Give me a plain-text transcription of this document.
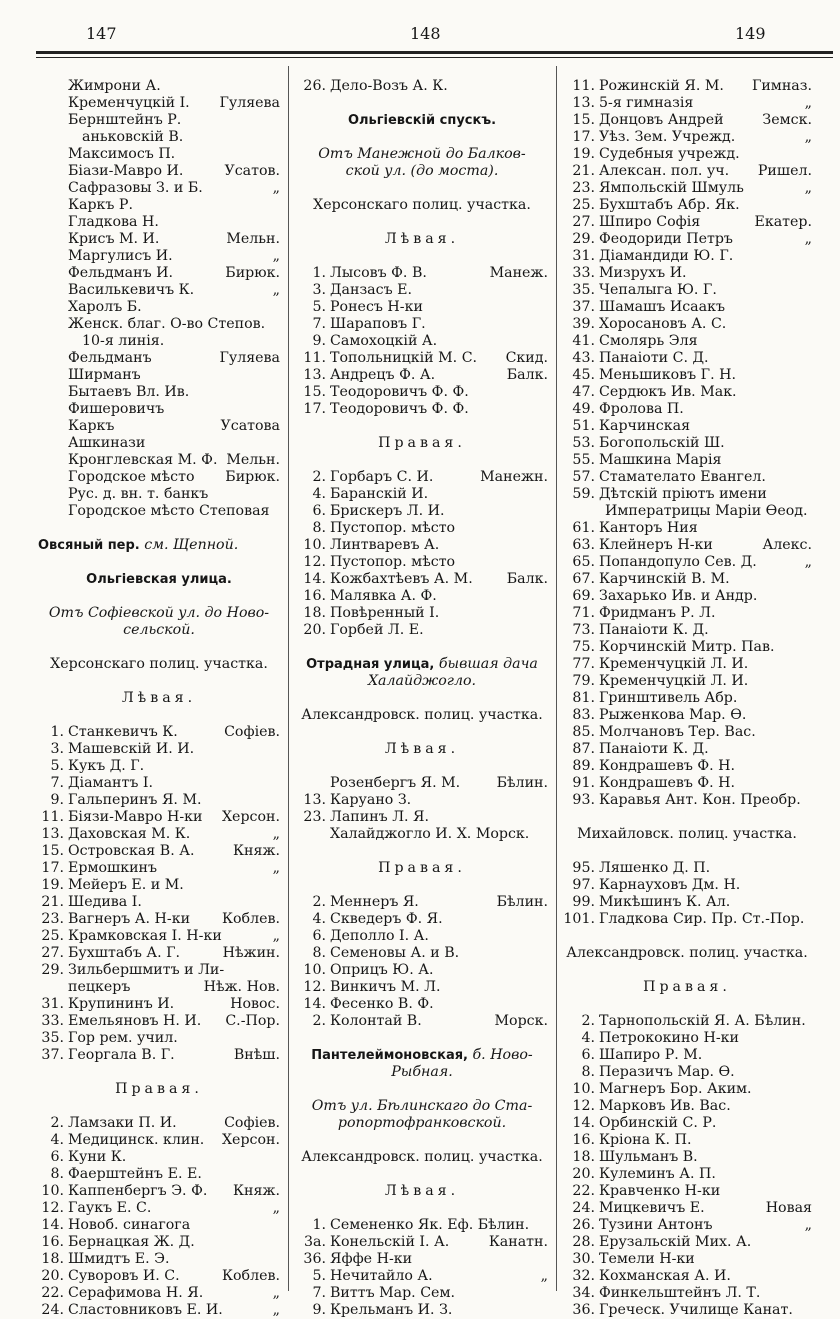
147	148	149
Жимрони А.
Кременчуцкій І. Гуляева
Бернштейнъ Р.
аньковскій В.
Максимосъ П.
Біази-Мавро И.	Усатов.
Сафразовы З. и Б.	„
Каркъ Р.
Гладкова Н.
Крисъ М. И.	Мельн.
Маргулисъ И.	„
Фельдманъ И.	Бирюк.
Василькевичъ К.	„
Харолъ Б.
Женск. благ. О-во Степов.
10-я линія.
Фельдманъ	Гуляева
Ширманъ
Бытаевъ Вл. Ив.
Фишеровичъ
Каркъ	Усатова
Ашкинази
Кронглевская М. Ф. Мельн.
Городское мѣсто Бирюк.
Рус. д. вн. т. банкъ
Городское мѣсто Степовая
Овсяный пер. см. Щепной.
Ольгіевская улица.
Отъ Софіевской ул. до Ново-
сельской.
Херсонскаго полиц. участка.
Лѣвая.
1. Станкевичъ К.	Софіев.
3. Машевскій И. И.
5. Кукъ Д. Г.
7. Діамантъ І.
9. Гальперинъ Я. М.
11. Біязи-Мавро Н-ки Херсон.
13. Даховская М. К.	„
15. Островская В. А.	Княж.
17. Ермошкинъ	„
19. Мейеръ Е. и М.
21. Шедива І.
23. Вагнеръ А. Н-ки Коблев.
25. Крамковская І. Н-ки	„
27. Бухштабъ А. Г.	Нѣжин.
29. Зильбершмитъ и Ли-
пецкеръ	Нѣж. Нов.
31. Крупининъ И.	Новос.
33. Емельяновъ Н. И. С.-Пор.
35. Гор рем. учил.
37. Георгала В. Г.	Внѣш.
Правая.
2. Ламзаки П. И.	Софіев.
4. Медицинск. клин. Херсон.
6. Куни К.
8. Фаерштейнъ Е. Е.
10. Каппенбергъ Э. Ф. Княж.
12. Гаукъ Е. С.	„
14. Новоб. синагога
16. Бернацкая Ж. Д.
18. Шмидтъ Е. Э.
20. Суворовъ И. С.	Коблев.
22. Серафимова Н. Я.	„
24. Сластовниковъ Е. И.	„
26. Дело-Возъ А. К.
Ольгіевскій спускъ.
Отъ Манежной до Балков-
ской ул. (до моста).
Херсонскаго полиц. участка.
Лѣвая.
1. Лысовъ Ф. В.	Манеж.
3. Данзасъ Е.
5. Ронесъ Н-ки
7. Шараповъ Г.
9. Самохоцкій А.
11. Топольницкій М. С. Скид.
13. Андрецъ Ф. А.	Балк.
15. Теодоровичъ Ф. Ф.
17. Теодоровичъ Ф. Ф.
Правая.
2. Горбаръ С. И.	Манежн.
4. Баранскій И.
6. Брискеръ Л. И.
8. Пустопор. мѣсто
10. Линтваревъ А.
12. Пустопор. мѣсто
14. Кожбахтѣевъ А. М. Балк.
16. Малявка А. Ф.
18. Повѣренный І.
20. Горбей Л. Е.
Отрадная улица, бывшая дача
Халайджогло.
Александровск. полиц. участка.
Лѣвая.
Розенбергъ Я. М.	Бѣлин.
13. Каруано З.
23. Лапинъ Л. Я.
Халайджогло И. Х. Морск.
Правая.
2. Меннеръ Я.	Бѣлин.
4. Скведеръ Ф. Я.
6. Деполло І. А.
8. Семеновы А. и В.
10. Оприцъ Ю. А.
12. Винкичъ М. Л.
14. Фесенко В. Ф.
2. Колонтай В.	Морск.
Пантелеймоновская, б. Ново-
Рыбная.
Отъ ул. Бѣлинскаго до Ста-
ропортофранковской.
Александровск. полиц. участка.
Лѣвая.
1. Семененко Як. Еф. Бѣлин.
3а. Конельскій І. А.	Канатн.
36. Яффе Н-ки
5. Нечитайло А.	„
7. Виттъ Мар. Сем.
9. Крельманъ И. З.
11. Рожинскій Я. М. Гимназ.
13. 5-я гимназія	„
15. Донцовъ Андрей	Земск.
17. Уѣз. Зем. Учрежд.	„
19. Судебныя учрежд.
21. Алексан. пол. уч. Ришел.
23. Ямпольскій Шмуль	„
25. Бухштабъ Абр. Як.
27. Шпиро Софія	Екатер.
29. Феодориди Петръ	„
31. Діамандиди Ю. Г.
33. Мизрухъ И.
35. Чепалыга Ю. Г.
37. Шамашъ Исаакъ
39. Хоросановъ А. С.
41. Смолярь Эля
43. Панаіоти С. Д.
45. Меньшиковъ Г. Н.
47. Сердюкъ Ив. Мак.
49. Фролова П.
51. Карчинская
53. Богопольскій Ш.
55. Машкина Марія
57. Стамателато Евангел.
59. Дѣтскій пріютъ имени
Императрицы Маріи Ѳеод.
61. Канторъ Ния
63. Клейнеръ Н-ки	Алекс.
65. Попандопуло Сев. Д.	„
67. Карчинскій В. М.
69. Захарько Ив. и Андр.
71. Фридманъ Р. Л.
73. Панаіоти К. Д.
75. Корчинскій Митр. Пав.
77. Кременчуцкій Л. И.
79. Кременчуцкій Л. И.
81. Гринштивель Абр.
83. Рыженкова Мар. Ѳ.
85. Молчановъ Тер. Вас.
87. Панаіоти К. Д.
89. Кондрашевъ Ф. Н.
91. Кондрашевъ Ф. Н.
93. Каравья Ант. Кон. Преобр.
Михайловск. полиц. участка.
95. Ляшенко Д. П.
97. Карнауховъ Дм. Н.
99. Микѣшинъ К. Ал.
101. Гладкова Сир. Пр. Ст.-Пор.
Александровск. полиц. участка.
Правая.
2. Тарнопольскій Я. А. Бѣлин.
4. Петрококино Н-ки
6. Шапиро Р. М.
8. Перазичъ Мар. Ѳ.
10. Магнеръ Бор. Аким.
12. Марковъ Ив. Вас.
14. Орбинскій С. Р.
16. Кріона К. П.
18. Шульманъ В.
20. Кулеминъ А. П.
22. Кравченко Н-ки
24. Мицкевичъ Е.	Новая
26. Тузини Антонъ	„
28. Ерузальскій Мих. А.
30. Темели Н-ки
32. Кохманская А. И.
34. Финкельштейнъ Л. Т.
36. Греческ. Училище Канат.
